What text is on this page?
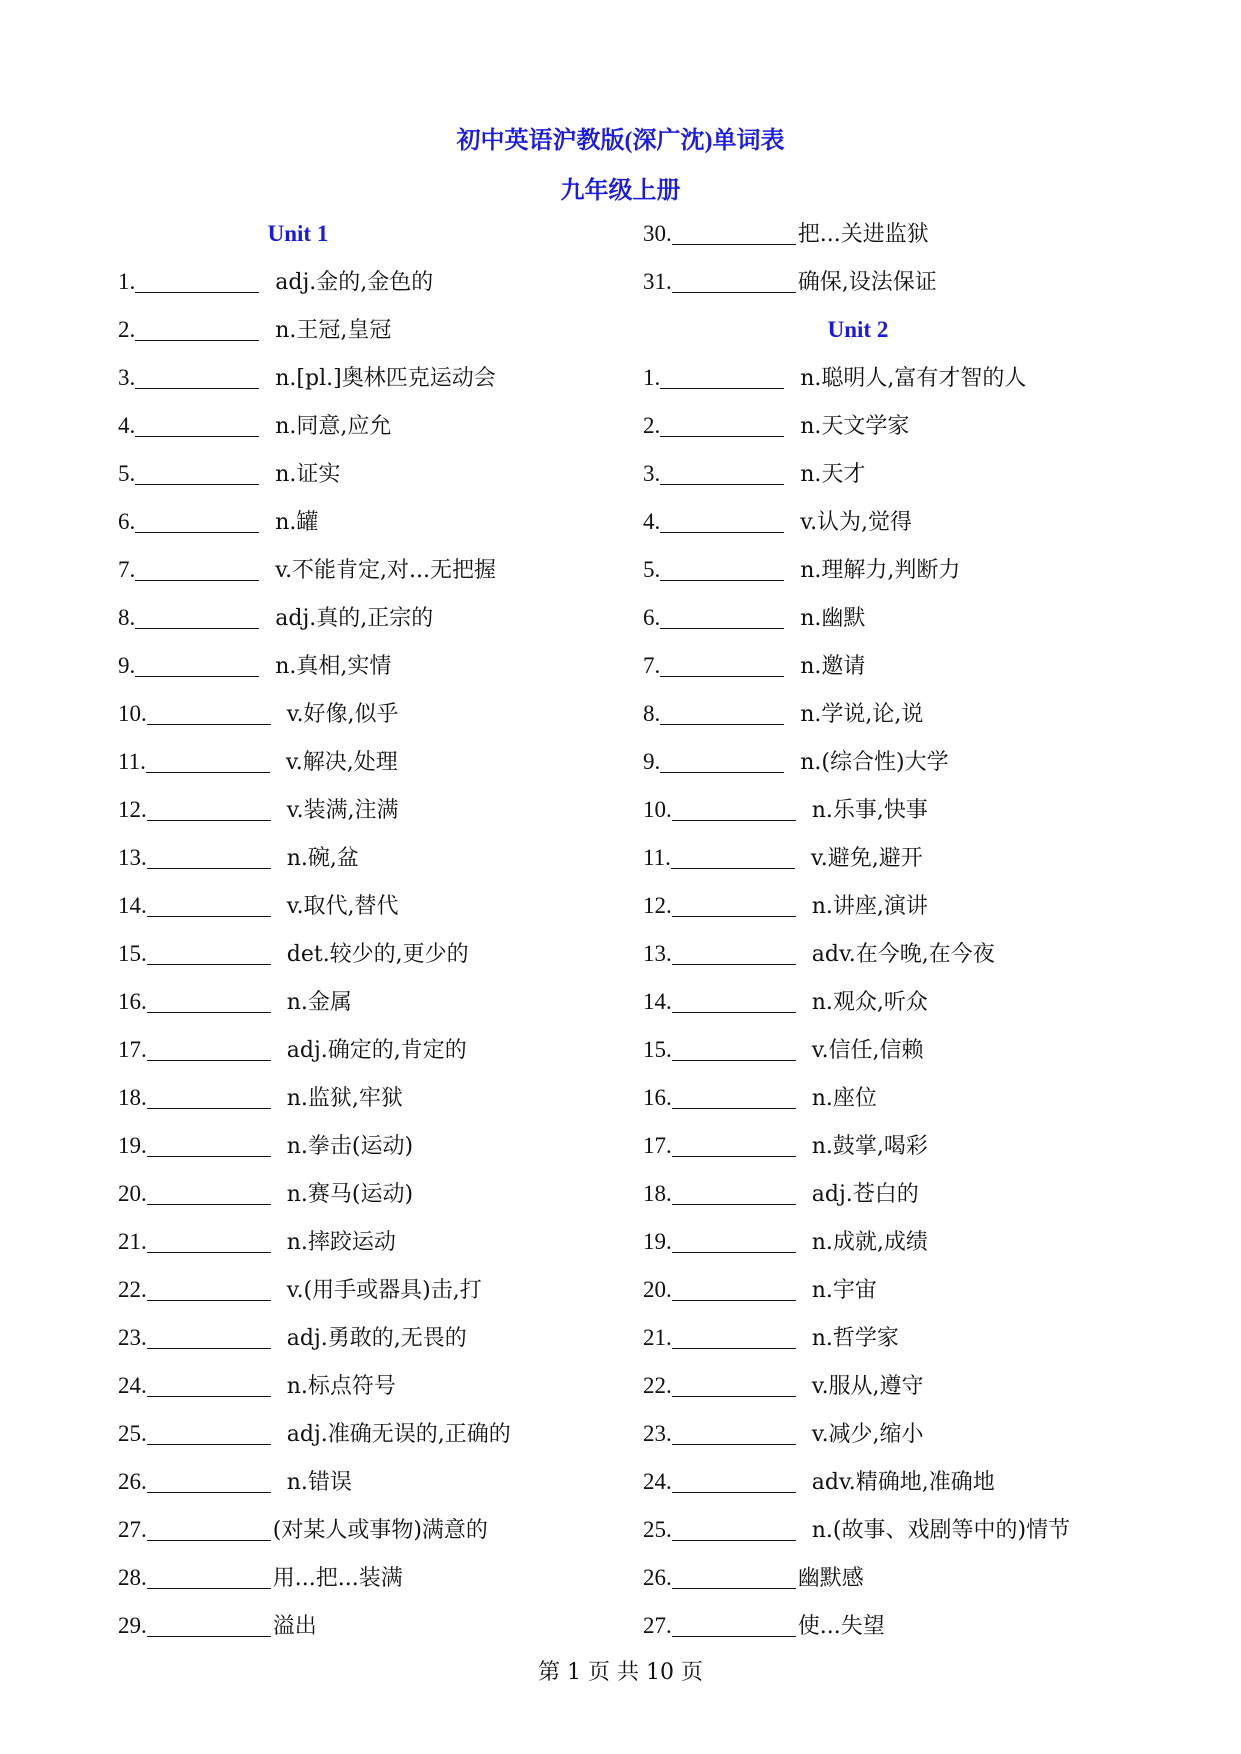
初中英语沪教版(深广沈)单词表
九年级上册
Unit 1
1.	adj.金的,金色的
2.	n.王冠,皇冠
3.	n.[pl.]奥林匹克运动会
4.	n.同意,应允
5.	n.证实
6.	n.罐
7.	v.不能肯定,对...无把握
8.	adj.真的,正宗的
9.	n.真相,实情
10.	v.好像,似乎
11.	v.解决,处理
12.	v.装满,注满
13.	n.碗,盆
14.	v.取代,替代
15.	det.较少的,更少的
16.	n.金属
17.	adj.确定的,肯定的
18.	n.监狱,牢狱
19.	n.拳击(运动)
20.	n.赛马(运动)
21.	n.摔跤运动
22.	v.(用手或器具)击,打
23.	adj.勇敢的,无畏的
24.	n.标点符号
25.	adj.准确无误的,正确的
26.	n.错误
27.	(对某人或事物)满意的
28.	用...把...装满
29.	溢出
30.	把...关进监狱
31.	确保,设法保证
Unit 2
1.	n.聪明人,富有才智的人
2.	n.天文学家
3.	n.天才
4.	v.认为,觉得
5.	n.理解力,判断力
6.	n.幽默
7.	n.邀请
8.	n.学说,论,说
9.	n.(综合性)大学
10.	n.乐事,快事
11.	v.避免,避开
12.	n.讲座,演讲
13.	adv.在今晚,在今夜
14.	n.观众,听众
15.	v.信任,信赖
16.	n.座位
17.	n.鼓掌,喝彩
18.	adj.苍白的
19.	n.成就,成绩
20.	n.宇宙
21.	n.哲学家
22.	v.服从,遵守
23.	v.减少,缩小
24.	adv.精确地,准确地
25.	n.(故事、戏剧等中的)情节
26.	幽默感
27.	使...失望
第 1 页 共 10 页
